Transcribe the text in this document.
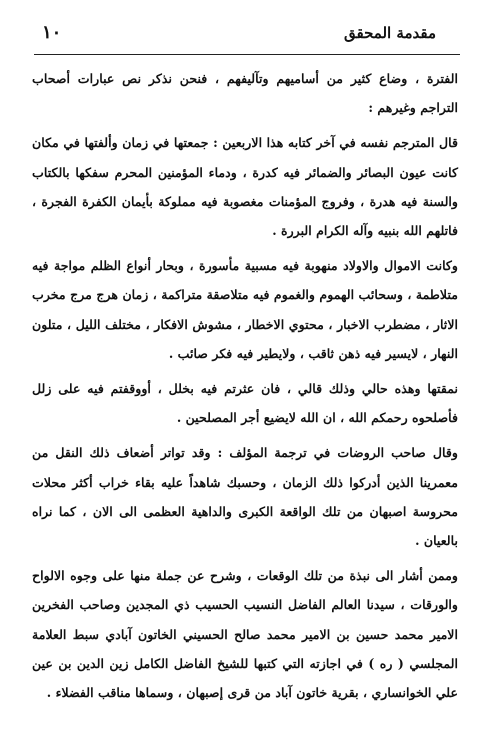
مقدمة المحقق
١٠

الفترة ، وضاع كثير من أساميهم وتآليفهم ، فنحن نذكر نص عبارات أصحاب التراجم وغيرهم :

قال المترجم نفسه في آخر كتابه هذا الاربعين : جمعتها في زمان وألفتها في مكان كانت عيون البصائر والضمائر فيه كدرة ، ودماء المؤمنين المحرم سفكها بالكتاب والسنة فيه هدرة ، وفروج المؤمنات مغصوبة فيه مملوكة بأيمان الكفرة الفجرة ، فاتلهم الله بنبيه وآله الكرام البررة .

وكانت الاموال والاولاد منهوبة فيه مسبية مأسورة ، وبحار أنواع الظلم مواجة فيه متلاطمة ، وسحائب الهموم والغموم فيه متلاصقة متراكمة ، زمان هرج مرج مخرب الاثار ، مضطرب الاخبار ، محتوي الاخطار ، مشوش الافكار ، مختلف الليل ، متلون النهار ، لايسير فيه ذهن ثاقب ، ولايطير فيه فكر صائب .

نمقتها وهذه حالي وذلك قالي ، فان عثرتم فيه بخلل ، أووقفتم فيه على زلل فأصلحوه رحمكم الله ، ان الله لايضيع أجر المصلحين .

وقال صاحب الروضات في ترجمة المؤلف : وقد تواتر أضعاف ذلك النقل من معمرينا الذين أدركوا ذلك الزمان ، وحسبك شاهداً عليه بقاء خراب أكثر محلات محروسة اصبهان من تلك الواقعة الكبرى والداهية العظمى الى الان ، كما نراه بالعيان .

وممن أشار الى نبذة من تلك الوقعات ، وشرح عن جملة منها على وجوه الالواح والورقات ، سيدنا العالم الفاضل النسيب الحسيب ذي المجدين وصاحب الفخرين الامير محمد حسين بن الامير محمد صالح الحسيني الخاتون آبادي سبط العلامة المجلسي ( ره ) في اجازته التي كتبها للشيخ الفاضل الكامل زين الدين بن عين علي الخوانساري ، بقرية خاتون آباد من قرى إصبهان ، وسماها مناقب الفضلاء .
